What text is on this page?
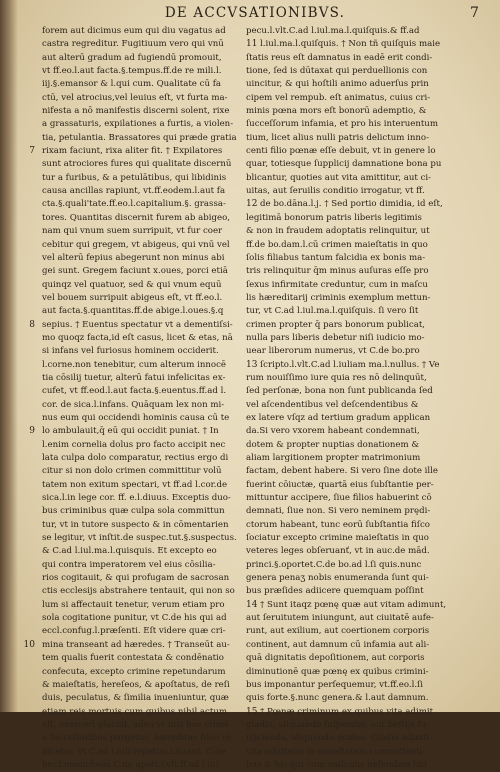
DE ACCVSATIONIBVS.	7
forem aut dicimus eum qui diu vagatus ad
castra regreditur. Fugitiuum vero qui vnū
aut alterū gradum ad fugiendū promouit,
vt ff.eo.l.aut facta.§.tempus.ff.de re mili.l.
iij.§.emansor & l.qui cum. Qualitate cū fa
ctū, vel atrocius,vel leuius eſt, vt furta ma-
nifesta a nō manifestis discerni solent, rixe
a grassaturis, expilationes a furtis, a violen-
tia, petulantia. Brassatores qui præde gratia
7 rixam faciunt, rixa aliter fit. † Expilatores
sunt atrociores fures qui qualitate discernū
tur a furibus, & a petulātibus, qui libidinis
causa ancillas rapiunt, vt.ff.eodem.l.aut fa
cta.§.quali'tate.ff.eo.l.capitalium.§. grassa-
tores. Quantitas discernit furem ab abigeo,
nam qui vnum suem surripuit, vt fur coer
cebitur qui gregem, vt abigeus, qui vnū vel
vel alterū fepius abegerunt non minus abi
gei sunt. Gregem faciunt x.oues, porci etiā
quinqz vel quatuor, sed & qui vnum equū
vel bouem surripuit abigeus eſt, vt ff.eo.l.
aut facta.§.quantitas.ff.de abige.l.oues.§.q
8 sepius. † Euentus spectatur vt a dementiſsi-
mo quoqz facta,id eſt casus, licet & etas, nā
si infans vel furiosus hominem occiderit.
l.corne.non tenebitur, cum alterum innocē
tia cōsilij tuetur, alterū fatui infelicitas ex-
cufet, vt ff.eod.l.aut facta.§.euentus.ff.ad l.
cor. de sica.l.infans. Quāquam lex non mi-
nus eum qui occidendi hominis causa cū te
9 lo ambulauit,q̄ eū qui occidit puniat. † In
l.enim cornelia dolus pro facto accipit nec
lata culpa dolo comparatur, rectius ergo di
citur si non dolo crimen committitur volū
tatem non exitum spectari, vt ff.ad l.cor.de
sica.l.in lege cor. ff. e.l.diuus. Exceptis duo-
bus criminibus quæ culpa sola committun
tur, vt in tutore suspecto & in cōmentarien
se legitur, vt inſtit.de suspec.tut.§.suspectus.
& C.ad l.iul.ma.l.quisquis. Et excepto eo
qui contra imperatorem vel eius cōsilia-
rios cogitauit, & qui profugam de sacrosan
ctis ecclesijs abstrahere tentauit, qui non so
lum si affectauit tenetur, verum etiam pro
sola cogitatione punitur, vt C.de his qui ad
eccl.confug.l.præſenti. Eſt videre quæ cri-
10 mina transeant ad hæredes. † Transeūt au-
tem qualis fuerit contestata & condēnatio
confecuta, excepto crimine repetundarum
& maieſtatis, hereſeos, & apoſtatus, de reſi
duis, peculatus, & ſimilia inueniuntur, quæ
etiam reis mortuis cum quibus nihil actum
eſt, exercerī placuit, adeo vt nisi hoc crimē
a ſucceſſoribus purgetur, hæreditas fiſco vē
dicetur, vt C.ad l.iuli.repetun.l.ſciant. C.de
her.l.manicheos.C.de apoſt.l.vlt.ff.ad l.iul.
pecu.l.vlt.C.ad l.iul.ma.l.quiſquis.& ff.ad
11 l.iul.ma.l.quiſquis. † Non tñ quiſquis maie
ſtatis reus eſt damnatus in eadē erit condi-
tione, ſed is dūtaxat qui perduellionis con
uincitur, & qui hoſtili animo aduerſus prin
cipem vel rempub. eſt animatus, cuius cri-
minis pœna mors eſt bonorū ademptio, &
ſucceſſorum infamia, et pro his interuentum
tium, licet alius nulli patris delictum inno-
centi filio pœnæ eſſe debuit, vt in genere lo
quar, totiesque ſupplicij damnatione bona pu
blicantur, quoties aut vita amittitur, aut ci-
uitas, aut ſeruilis conditio irrogatur, vt ff.
12 de bo.dāna.l.j. † Sed portio dimidia, id eſt,
legitimā bonorum patris liberis legitimis
& non in fraudem adoptatis relinquitur, ut
ff.de bo.dam.l.cū crimen maieſtatis in quo
ſolis filiabus tantum falcidia ex bonis ma-
tris relinquitur q̄m minus auſuras eſſe pro
ſexus infirmitate creduntur, cum in maſcu
lis hæreditarij criminis exemplum mettun-
tur, vt C.ad l.iul.ma.l.quiſquis. ſi vero ſit
crimen propter q̄ pars bonorum publicat,
nulla pars liberis debetur niſi iudicio mo-
uear liberorum numerus, vt C.de bo.pro
13 ſcripto.l.vlt.C.ad l.iuliam ma.l.nullus. † Ve
rum nouiſſimo iure quia res nō delinquūt,
ſed perſonæ, bona non ſunt publicanda ſed
vel aſcendentibus vel deſcendentibus &
ex latere vſqz ad tertium gradum applican
da.Si vero vxorem habeant condemnati,
dotem & propter nuptias donationem &
aliam largitionem propter matrimonium
factam, debent habere. Si vero ſine dote ille
fuerint cōiuctæ, quartā eius ſubſtantie per-
mittuntur accipere, ſiue filios habuerint cō
demnati, ſiue non. Si vero neminem prędi-
ctorum habeant, tunc eorū ſubſtantia fiſco
ſociatur excepto crimine maieſtatis in quo
veteres leges obſeruanť, vt in auc.de mād.
princi.§.oportet.C.de bo.ad l.ſi quis.nunc
genera penaʒ nobis enumeranda ſunt qui-
bus præſides adiicere quemquam poſſint
14 † Sunt itaqz pœnę quæ aut vitam adimunt,
aut ſeruitutem iniungunt, aut ciuitatē aufe-
runt, aut exilium, aut coertionem corporis
continent, aut damnum cū infamia aut ali-
quā dignitatis depoſitionem, aut corporis
diminutionē quæ pœnę ex quibus crimini-
bus imponantur perſequemur, vt.ff.eo.l.ſi
quis forte.§.nunc genera.& l.aut damnum.
15 † Pœnæ criminum ex quibus vita adimit
gladio, aliquando ſuſpendio, aut beſtijs ſu-
bijciendo, aliquando eculeo. Gladio adimit
vita adulteris in maieſtatem committenti-
bus & his qui cum maſculis nefandam libi
